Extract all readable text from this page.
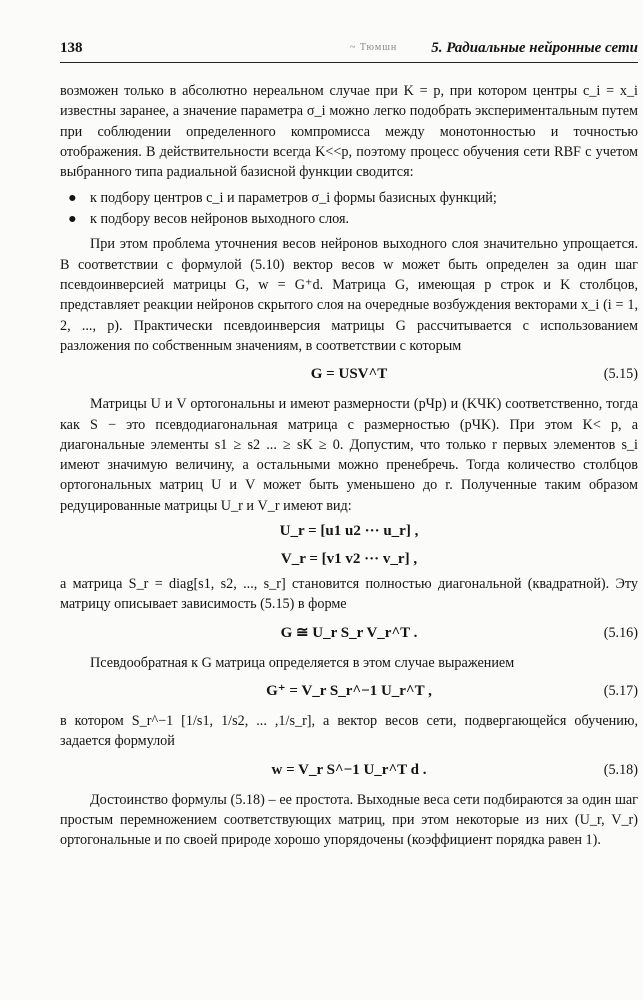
138	~ Тюмшн 5. Радиальные нейронные сети

возможен только в абсолютно нереальном случае при K = p, при котором центры c_i = x_i известны заранее, а значение параметра σ_i можно легко подобрать экспериментальным путем при соблюдении определенного компромисса между монотонностью и точностью отображения. В действительности всегда K<<p, поэтому процесс обучения сети RBF с учетом выбранного типа радиальной базисной функции сводится:

● к подбору центров c_i и параметров σ_i формы базисных функций;
● к подбору весов нейронов выходного слоя.

При этом проблема уточнения весов нейронов выходного слоя значительно упрощается. В соответствии с формулой (5.10) вектор весов w может быть определен за один шаг псевдоинверсией матрицы G, w = G⁺d. Матрица G, имеющая p строк и K столбцов, представляет реакции нейронов скрытого слоя на очередные возбуждения векторами x_i (i = 1, 2, ..., p). Практически псевдоинверсия матрицы G рассчитывается с использованием разложения по собственным значениям, в соответствии с которым

G = USV^T	(5.15)

Матрицы U и V ортогональны и имеют размерности (pЧp) и (KЧK) соответственно, тогда как S − это псевдодиагональная матрица с размерностью (pЧK). При этом K< p, а диагональные элементы s1 ≥ s2 ... ≥ sK ≥ 0. Допустим, что только r первых элементов s_i имеют значимую величину, а остальными можно пренебречь. Тогда количество столбцов ортогональных матриц U и V может быть уменьшено до r. Полученные таким образом редуцированные матрицы U_r и V_r имеют вид:

U_r = [u1 u2 ··· u_r] ,
V_r = [v1 v2 ··· v_r] ,

а матрица S_r = diag[s1, s2, ..., s_r] становится полностью диагональной (квадратной). Эту матрицу описывает зависимость (5.15) в форме

G ≅ U_r S_r V_r^T .	(5.16)

Псевдообратная к G матрица определяется в этом случае выражением

G⁺ = V_r S_r^−1 U_r^T ,	(5.17)

в котором S_r^−1 [1/s1, 1/s2, ... ,1/s_r], а вектор весов сети, подвергающейся обучению, задается формулой

w = V_r S^−1 U_r^T d .	(5.18)

Достоинство формулы (5.18) – ее простота. Выходные веса сети подбираются за один шаг простым перемножением соответствующих матриц, при этом некоторые из них (U_r, V_r) ортогональные и по своей природе хорошо упорядочены (коэффициент порядка равен 1).
